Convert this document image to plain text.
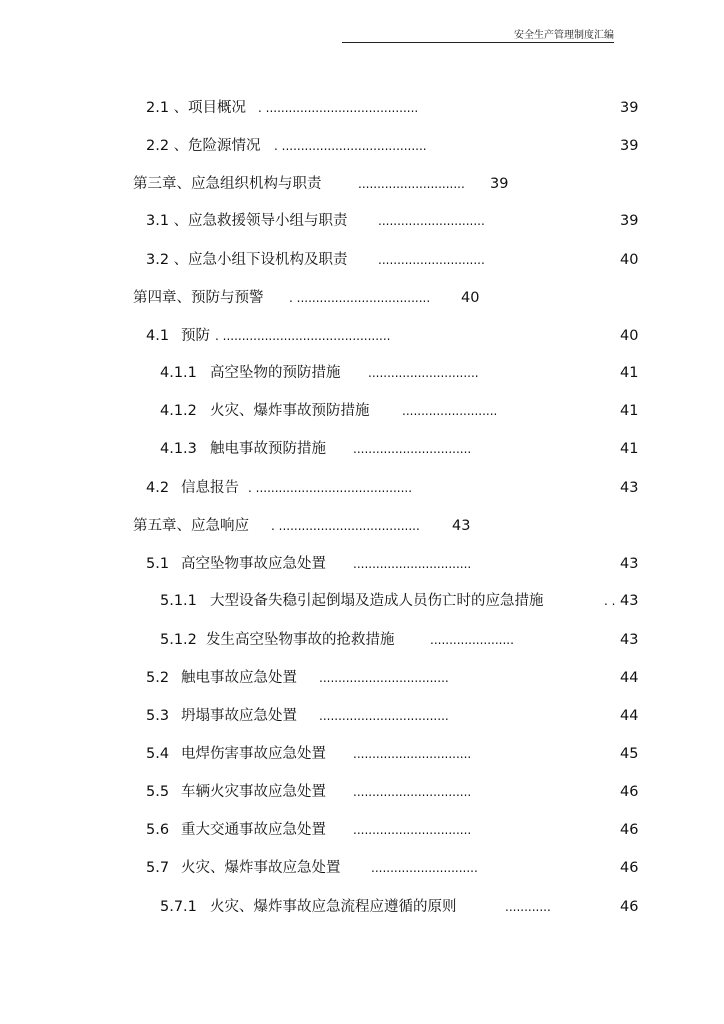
安全生产管理制度汇编
2.1 、 项目概况 . ........................................	39
2.2 、 危险源情况 . ......................................	39
第三章、应急组织机构与职责	............................ 39
3.1 、 应急救援领导小组与职责	............................	39
3.2 、 应急小组下设机构及职责	............................	40
第四章、预防与预警 . ................................... 40
4.1 预防 . ............................................	40
4.1.1 高空坠物的预防措施 .............................	41
4.1.2 火灾、爆炸事故预防措施	.........................	41
4.1.3 触电事故预防措施 ...............................	41
4.2 信息报告 . .........................................	43
第五章、应急响应 . ..................................... 43
5.1 高空坠物事故应急处置 ...............................	43
5.1.1 大型设备失稳引起倒塌及造成人员伤亡时的应急措施	. . 43
5.1.2 发生高空坠物事故的抢救措施	......................	43
5.2 触电事故应急处置 ..................................	44
5.3 坍塌事故应急处置 ..................................	44
5.4 电焊伤害事故应急处置 ...............................	45
5.5 车辆火灾事故应急处置 ...............................	46
5.6 重大交通事故应急处置 ...............................	46
5.7 火灾、爆炸事故应急处置	............................	46
5.7.1 火灾、爆炸事故应急流程应遵循的原则	............	46
